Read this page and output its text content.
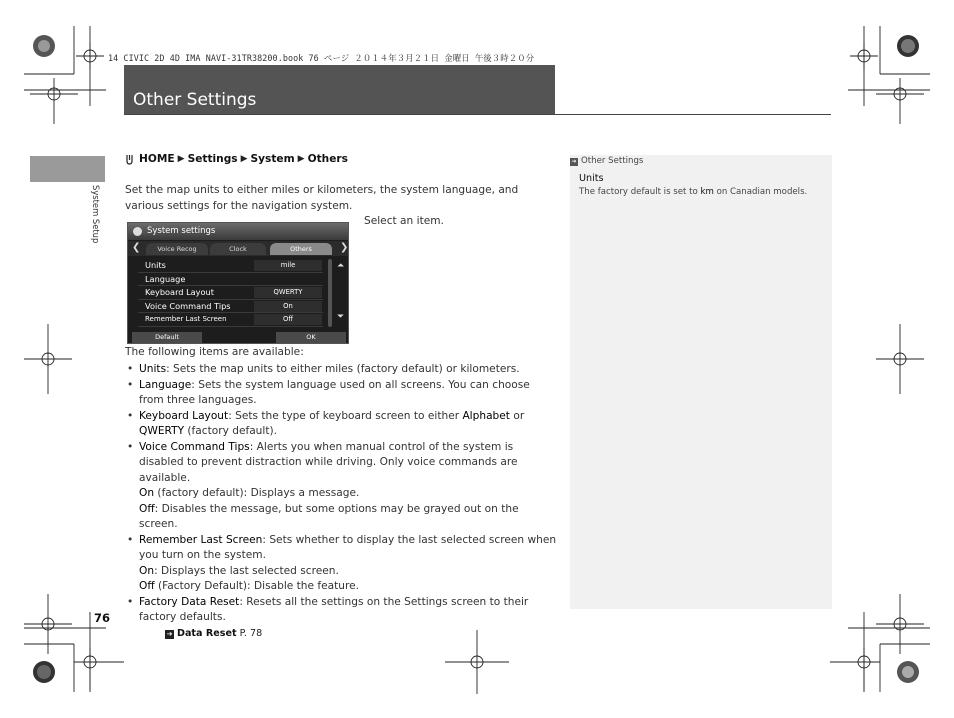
14 CIVIC 2D 4D IMA NAVI-31TR38200.book 76 ページ ２０１４年３月２１日 金曜日 午後３時２０分
Other Settings
System Setup
HOME ▶ Settings ▶ System ▶ Others
Set the map units to either miles or kilometers, the system language, and various settings for the navigation system.
System settings
❮	Voice Recog	Clock	Others	❯
Units	mile
Language
Keyboard Layout	QWERTY
Voice Command Tips	On
Remember Last Screen	Off
⏶
⏷
Default	OK
Select an item.
The following items are available:
• Units: Sets the map units to either miles (factory default) or kilometers.
• Language: Sets the system language used on all screens. You can choose from three languages.
• Keyboard Layout: Sets the type of keyboard screen to either Alphabet or QWERTY (factory default).
• Voice Command Tips: Alerts you when manual control of the system is disabled to prevent distraction while driving. Only voice commands are available.
On (factory default): Displays a message.
Off: Disables the message, but some options may be grayed out on the screen.
• Remember Last Screen: Sets whether to display the last selected screen when you turn on the system.
On: Displays the last selected screen.
Off (Factory Default): Disable the feature.
• Factory Data Reset: Resets all the settings on the Settings screen to their factory defaults.
➔ Data Reset P. 78
76
➔ Other Settings
Units
The factory default is set to km on Canadian models.
